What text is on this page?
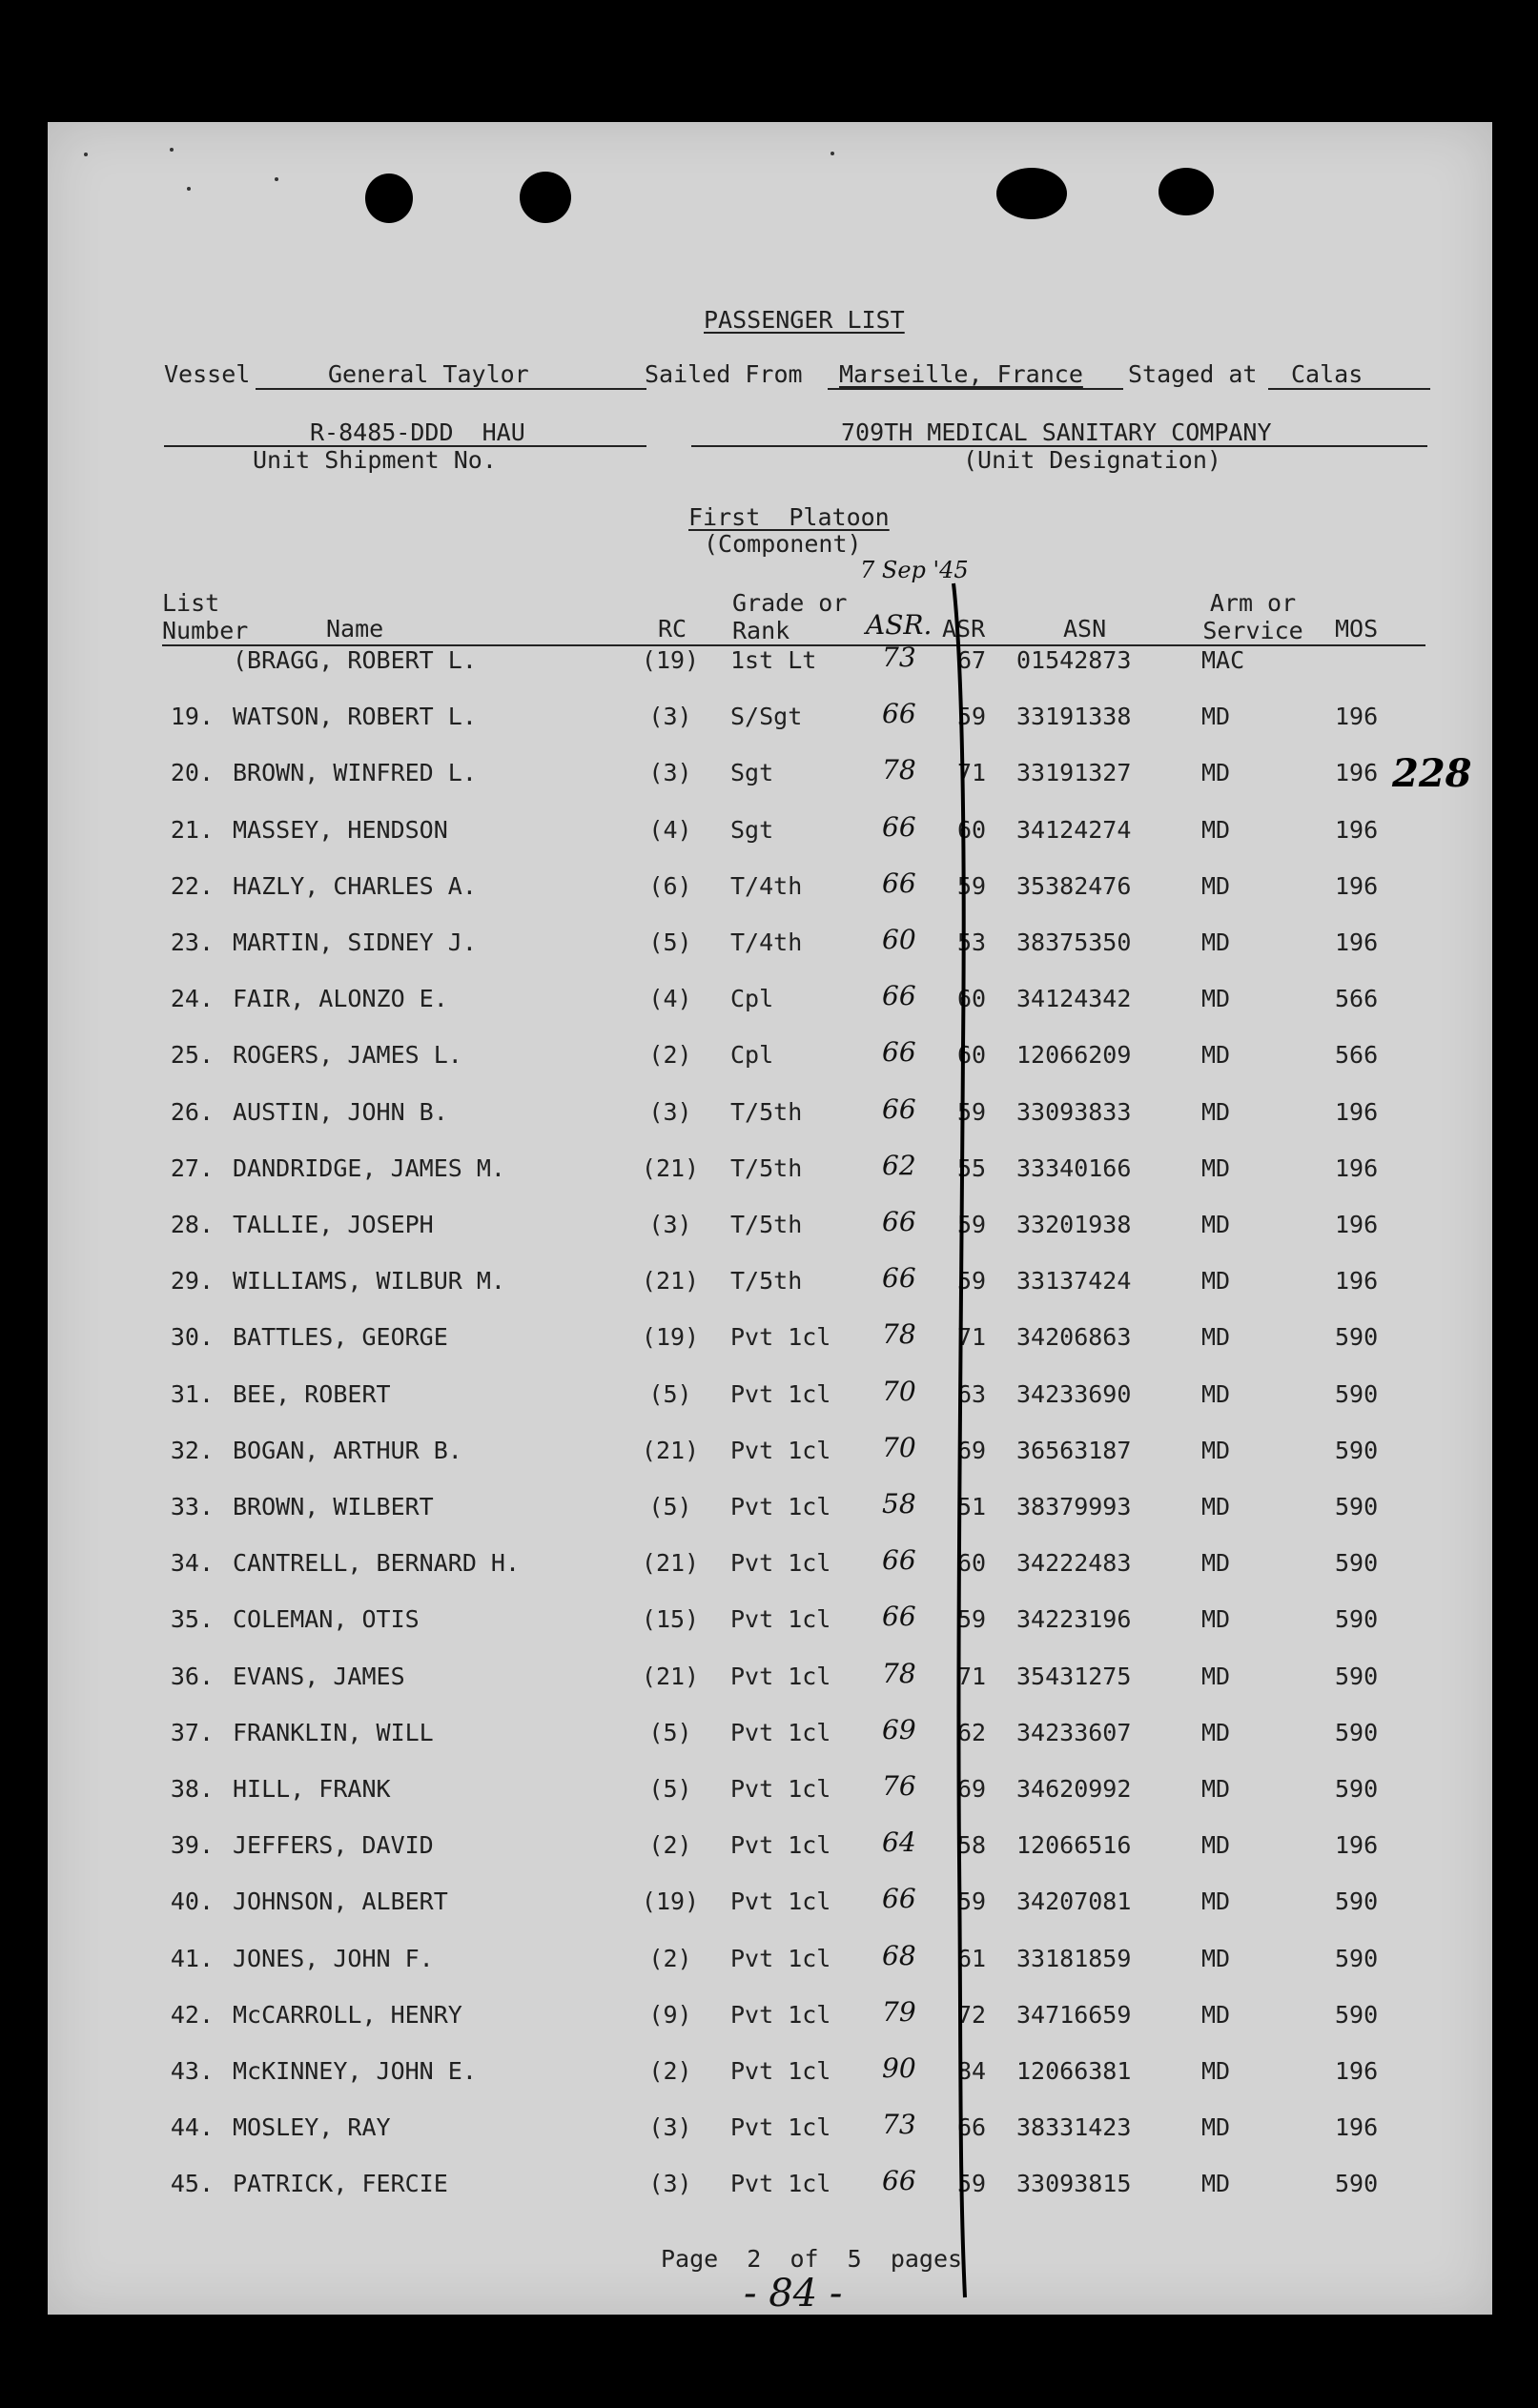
PASSENGER LIST
Vessel	General Taylor	Sailed From Marseille, France Staged at Calas
R-8485-DDD  HAU
Unit Shipment No.
709TH MEDICAL SANITARY COMPANY
(Unit Designation)
First  Platoon
(Component)
7 Sep '45
List
Number	Name	RC
Grade or
Rank	ASR. ASR	ASN
Arm or
Service MOS
(BRAGG, ROBERT L.	(19) 1st Lt	73	67	01542873	MAC
19. WATSON, ROBERT L.	(3)	S/Sgt	66	59	33191338	MD	196
20. BROWN, WINFRED L.	(3)	Sgt	78	71	33191327	MD	196
21. MASSEY, HENDSON	(4)	Sgt	66	60	34124274	MD	196
22. HAZLY, CHARLES A.	(6)	T/4th	66	59	35382476	MD	196
23. MARTIN, SIDNEY J.	(5)	T/4th	60	53	38375350	MD	196
24. FAIR, ALONZO E.	(4)	Cpl	66	60	34124342	MD	566
25. ROGERS, JAMES L.	(2)	Cpl	66	60	12066209	MD	566
26. AUSTIN, JOHN B.	(3)	T/5th	66	59	33093833	MD	196
27. DANDRIDGE, JAMES M.	(21) T/5th	62	55	33340166	MD	196
28. TALLIE, JOSEPH	(3)	T/5th	66	59	33201938	MD	196
29. WILLIAMS, WILBUR M.	(21) T/5th	66	59	33137424	MD	196
30. BATTLES, GEORGE	(19) Pvt 1cl	78	71	34206863	MD	590
31. BEE, ROBERT	(5)	Pvt 1cl	70	63	34233690	MD	590
32. BOGAN, ARTHUR B.	(21) Pvt 1cl	70	69	36563187	MD	590
33. BROWN, WILBERT	(5)	Pvt 1cl	58	51	38379993	MD	590
34. CANTRELL, BERNARD H.	(21) Pvt 1cl	66	60	34222483	MD	590
35. COLEMAN, OTIS	(15) Pvt 1cl	66	59	34223196	MD	590
36. EVANS, JAMES	(21) Pvt 1cl	78	71	35431275	MD	590
37. FRANKLIN, WILL	(5)	Pvt 1cl	69	62	34233607	MD	590
38. HILL, FRANK	(5)	Pvt 1cl	76	69	34620992	MD	590
39. JEFFERS, DAVID	(2)	Pvt 1cl	64	58	12066516	MD	196
40. JOHNSON, ALBERT	(19) Pvt 1cl	66	59	34207081	MD	590
41. JONES, JOHN F.	(2)	Pvt 1cl	68	61	33181859	MD	590
42. McCARROLL, HENRY	(9)	Pvt 1cl	79	72	34716659	MD	590
43. McKINNEY, JOHN E.	(2)	Pvt 1cl	90	84	12066381	MD	196
44. MOSLEY, RAY	(3)	Pvt 1cl	73	66	38331423	MD	196
45. PATRICK, FERCIE	(3)	Pvt 1cl	66	59	33093815	MD	590
228
Page  2  of  5  pages
- 84 -
